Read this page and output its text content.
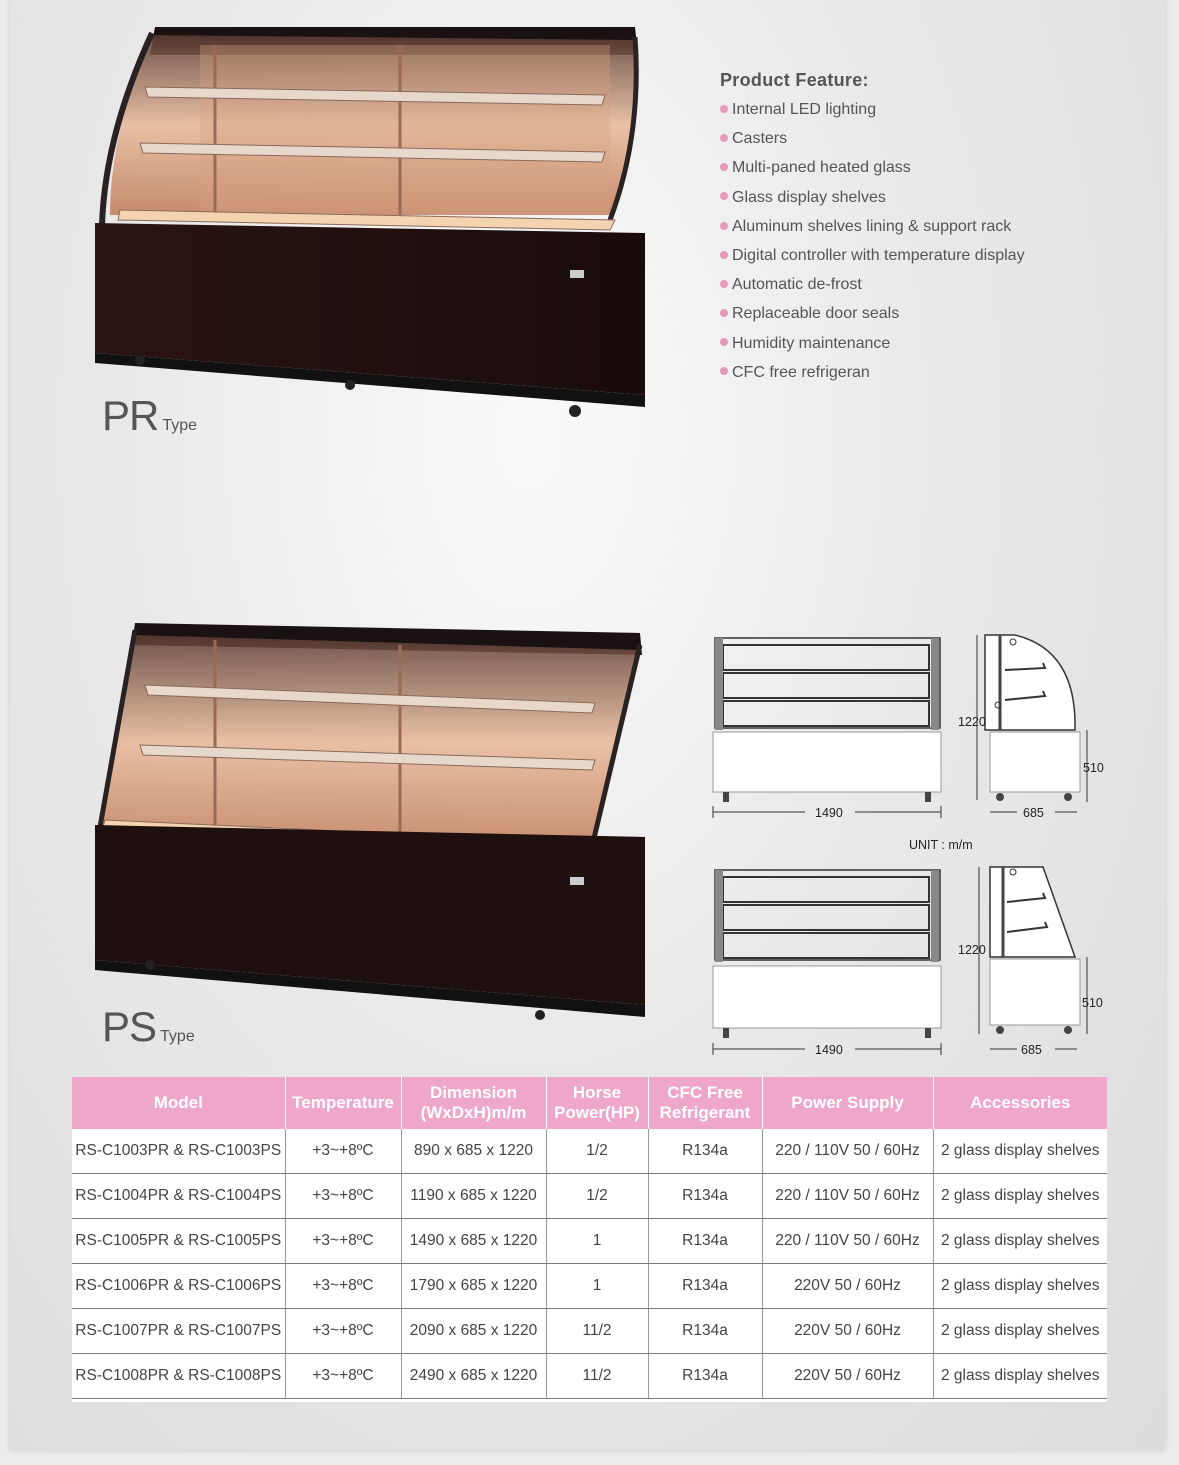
PR Type
Product Feature:
Internal LED lighting
Casters
Multi-paned heated glass
Glass display shelves
Aluminum shelves lining & support rack
Digital controller with temperature display
Automatic de-frost
Replaceable door seals
Humidity maintenance
CFC free refrigeran
PS Type
1490
1220
510
685
UNIT : m/m
1490
1220
510
685
Model	Temperature	Dimension (WxDxH)m/m	Horse Power(HP)	CFC Free Refrigerant	Power Supply	Accessories
RS-C1003PR & RS-C1003PS	+3~+8ºC	890 x 685 x 1220	1/2	R134a	220 / 110V 50 / 60Hz	2 glass display shelves
RS-C1004PR & RS-C1004PS	+3~+8ºC	1190 x 685 x 1220	1/2	R134a	220 / 110V 50 / 60Hz	2 glass display shelves
RS-C1005PR & RS-C1005PS	+3~+8ºC	1490 x 685 x 1220	1	R134a	220 / 110V 50 / 60Hz	2 glass display shelves
RS-C1006PR & RS-C1006PS	+3~+8ºC	1790 x 685 x 1220	1	R134a	220V 50 / 60Hz	2 glass display shelves
RS-C1007PR & RS-C1007PS	+3~+8ºC	2090 x 685 x 1220	11/2	R134a	220V 50 / 60Hz	2 glass display shelves
RS-C1008PR & RS-C1008PS	+3~+8ºC	2490 x 685 x 1220	11/2	R134a	220V 50 / 60Hz	2 glass display shelves
